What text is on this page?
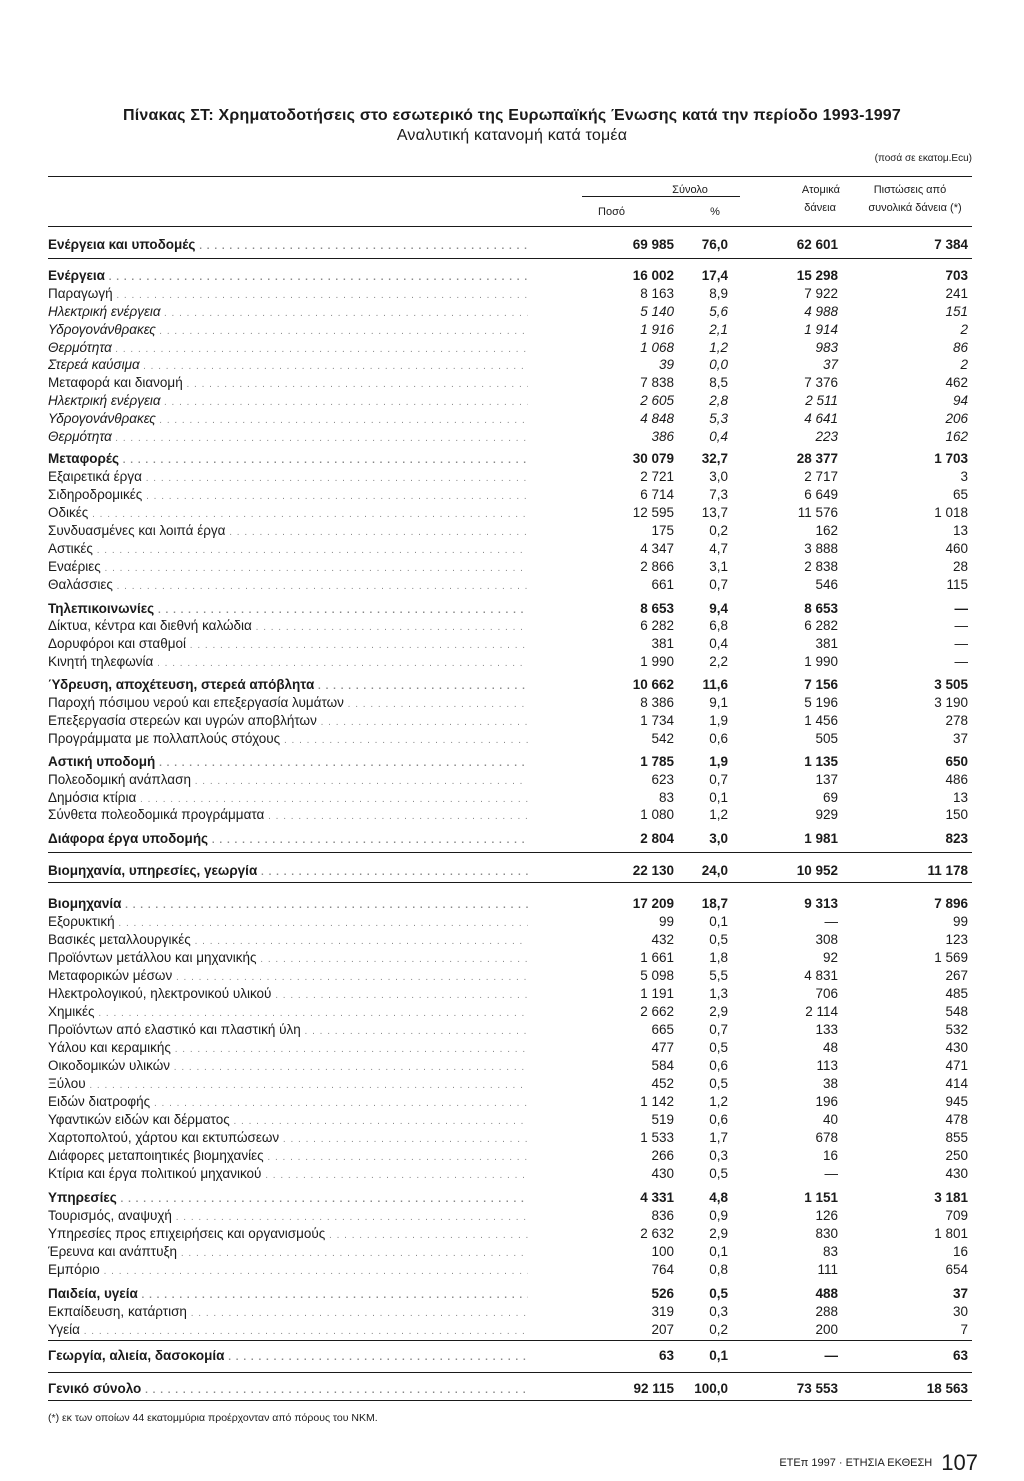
Πίνακας ΣΤ: Χρηματοδοτήσεις στο εσωτερικό της Ευρωπαϊκής Ένωσης κατά την περίοδο 1993-1997
Αναλυτική κατανομή κατά τομέα
(ποσά σε εκατομ.Ecu)
Σύνολο
Ποσό	%
Ατομικά
δάνεια
Πιστώσεις από
συνολικά δάνεια (*)
Ενέργεια και υποδομές . . .	69 985	76,0	62 601	7 384
Ενέργεια . . .	16 002	17,4	15 298	703
Παραγωγή . . .	8 163	8,9	7 922	241
Ηλεκτρική ενέργεια . . .	5 140	5,6	4 988	151
Υδρογονάνθρακες . . .	1 916	2,1	1 914	2
Θερμότητα . . .	1 068	1,2	983	86
Στερεά καύσιμα . . .	39	0,0	37	2
Μεταφορά και διανομή . . .	7 838	8,5	7 376	462
Ηλεκτρική ενέργεια . . .	2 605	2,8	2 511	94
Υδρογονάνθρακες . . .	4 848	5,3	4 641	206
Θερμότητα . . .	386	0,4	223	162
Μεταφορές . . .	30 079	32,7	28 377	1 703
Εξαιρετικά έργα . . .	2 721	3,0	2 717	3
Σιδηροδρομικές . . .	6 714	7,3	6 649	65
Οδικές . . .	12 595	13,7	11 576	1 018
Συνδυασμένες και λοιπά έργα . . .	175	0,2	162	13
Αστικές . . .	4 347	4,7	3 888	460
Εναέριες . . .	2 866	3,1	2 838	28
Θαλάσσιες . . .	661	0,7	546	115
Τηλεπικοινωνίες . . .	8 653	9,4	8 653	—
Δίκτυα, κέντρα και διεθνή καλώδια . . .	6 282	6,8	6 282	—
Δορυφόροι και σταθμοί . . .	381	0,4	381	—
Κινητή τηλεφωνία . . .	1 990	2,2	1 990	—
Ύδρευση, αποχέτευση, στερεά απόβλητα . . .	10 662	11,6	7 156	3 505
Παροχή πόσιμου νερού και επεξεργασία λυμάτων . . .	8 386	9,1	5 196	3 190
Επεξεργασία στερεών και υγρών αποβλήτων . . .	1 734	1,9	1 456	278
Προγράμματα με πολλαπλούς στόχους . . .	542	0,6	505	37
Αστική υποδομή . . .	1 785	1,9	1 135	650
Πολεοδομική ανάπλαση . . .	623	0,7	137	486
Δημόσια κτίρια . . .	83	0,1	69	13
Σύνθετα πολεοδομικά προγράμματα . . .	1 080	1,2	929	150
Διάφορα έργα υποδομής . . .	2 804	3,0	1 981	823
Βιομηχανία, υπηρεσίες, γεωργία . . .	22 130	24,0	10 952	11 178
Βιομηχανία . . .	17 209	18,7	9 313	7 896
Εξορυκτική . . .	99	0,1	—	99
Βασικές μεταλλουργικές . . .	432	0,5	308	123
Προϊόντων μετάλλου και μηχανικής . . .	1 661	1,8	92	1 569
Μεταφορικών μέσων . . .	5 098	5,5	4 831	267
Ηλεκτρολογικού, ηλεκτρονικού υλικού . . .	1 191	1,3	706	485
Χημικές . . .	2 662	2,9	2 114	548
Προϊόντων από ελαστικό και πλαστική ύλη . . .	665	0,7	133	532
Υάλου και κεραμικής . . .	477	0,5	48	430
Οικοδομικών υλικών . . .	584	0,6	113	471
Ξύλου . . .	452	0,5	38	414
Ειδών διατροφής . . .	1 142	1,2	196	945
Υφαντικών ειδών και δέρματος . . .	519	0,6	40	478
Χαρτοπολτού, χάρτου και εκτυπώσεων . . .	1 533	1,7	678	855
Διάφορες μεταποιητικές βιομηχανίες . . .	266	0,3	16	250
Κτίρια και έργα πολιτικού μηχανικού . . .	430	0,5	—	430
Υπηρεσίες . . .	4 331	4,8	1 151	3 181
Τουρισμός, αναψυχή . . .	836	0,9	126	709
Υπηρεσίες προς επιχειρήσεις και οργανισμούς . . .	2 632	2,9	830	1 801
Έρευνα και ανάπτυξη . . .	100	0,1	83	16
Εμπόριο . . .	764	0,8	111	654
Παιδεία, υγεία . . .	526	0,5	488	37
Εκπαίδευση, κατάρτιση . . .	319	0,3	288	30
Υγεία . . .	207	0,2	200	7
Γεωργία, αλιεία, δασοκομία . . .	63	0,1	—	63
Γενικό σύνολο . . .	92 115	100,0	73 553	18 563
(*) εκ των οποίων 44 εκατομμύρια προέρχονταν από πόρους του ΝΚΜ.
ΕΤΕπ 1997 · ΕΤΗΣΙΑ ΕΚΘΕΣΗ 107
